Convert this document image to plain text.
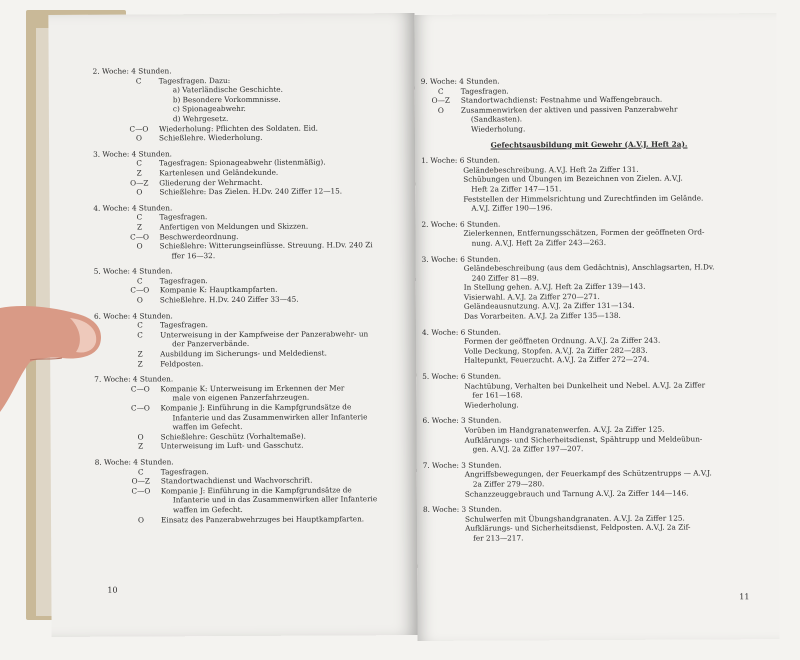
2. Woche: 4 Stunden.
C	Tagesfragen. Dazu:
a) Vaterländische Geschichte.
b) Besondere Vorkommnisse.
c) Spionageabwehr.
d) Wehrgesetz.
C—O	Wiederholung: Pflichten des Soldaten. Eid.
O	Schießlehre. Wiederholung.
3. Woche: 4 Stunden.
C	Tagesfragen: Spionageabwehr (listenmäßig).
Z	Kartenlesen und Geländekunde.
O—Z	Gliederung der Wehrmacht.
O	Schießlehre: Das Zielen. H.Dv. 240 Ziffer 12—15.
4. Woche: 4 Stunden.
C	Tagesfragen.
Z	Anfertigen von Meldungen und Skizzen.
C—O	Beschwerdeordnung.
O	Schießlehre: Witterungseinflüsse. Streuung. H.Dv. 240 Zi
ffer 16—32.
5. Woche: 4 Stunden.
C	Tagesfragen.
C—O	Kompanie K: Hauptkampfarten.
O	Schießlehre. H.Dv. 240 Ziffer 33—45.
6. Woche: 4 Stunden.
C	Tagesfragen.
C	Unterweisung in der Kampfweise der Panzerabwehr- un
der Panzerverbände.
Z	Ausbildung im Sicherungs- und Meldedienst.
Z	Feldposten.
7. Woche: 4 Stunden.
C—O	Kompanie K: Unterweisung im Erkennen der Mer
male von eigenen Panzerfahrzeugen.
C—O	Kompanie J: Einführung in die Kampfgrundsätze de
Infanterie und das Zusammenwirken aller Infanterie
waffen im Gefecht.
O	Schießlehre: Geschütz (Vorhaltemaße).
Z	Unterweisung im Luft- und Gasschutz.
8. Woche: 4 Stunden.
C	Tagesfragen.
O—Z	Standortwachdienst und Wachvorschrift.
C—O	Kompanie J: Einführung in die Kampfgrundsätze de
Infanterie und in das Zusammenwirken aller Infanterie
waffen im Gefecht.
O	Einsatz des Panzerabwehrzuges bei Hauptkampfarten.
10
9. Woche: 4 Stunden.
C	Tagesfragen.
O—Z	Standortwachdienst: Festnahme und Waffengebrauch.
O	Zusammenwirken der aktiven und passiven Panzerabwehr
(Sandkasten).
Wiederholung.
Gefechtsausbildung mit Gewehr (A.V.J. Heft 2a).
1. Woche: 6 Stunden.
Geländebeschreibung. A.V.J. Heft 2a Ziffer 131.
Schübungen und Übungen im Bezeichnen von Zielen. A.V.J.
Heft 2a Ziffer 147—151.
Feststellen der Himmelsrichtung und Zurechtfinden im Gelände.
A.V.J. Ziffer 190—196.
2. Woche: 6 Stunden.
Zielerkennen, Entfernungsschätzen, Formen der geöffneten Ord-
nung. A.V.J. Heft 2a Ziffer 243—263.
3. Woche: 6 Stunden.
Geländebeschreibung (aus dem Gedächtnis), Anschlagsarten, H.Dv.
240 Ziffer 81—89.
In Stellung gehen. A.V.J. Heft 2a Ziffer 139—143.
Visierwahl. A.V.J. 2a Ziffer 270—271.
Geländeausnutzung. A.V.J. 2a Ziffer 131—134.
Das Vorarbeiten. A.V.J. 2a Ziffer 135—138.
4. Woche: 6 Stunden.
Formen der geöffneten Ordnung. A.V.J. 2a Ziffer 243.
Volle Deckung, Stopfen. A.V.J. 2a Ziffer 282—283.
Haltepunkt, Feuerzucht. A.V.J. 2a Ziffer 272—274.
5. Woche: 6 Stunden.
Nachtübung, Verhalten bei Dunkelheit und Nebel. A.V.J. 2a Ziffer
fer 161—168.
Wiederholung.
6. Woche: 3 Stunden.
Vorüben im Handgranatenwerfen. A.V.J. 2a Ziffer 125.
Aufklärungs- und Sicherheitsdienst, Spähtrupp und Meldeübun-
gen. A.V.J. 2a Ziffer 197—207.
7. Woche: 3 Stunden.
Angriffsbewegungen, der Feuerkampf des Schützentrupps — A.V.J.
2a Ziffer 279—280.
Schanzzeuggebrauch und Tarnung A.V.J. 2a Ziffer 144—146.
8. Woche: 3 Stunden.
Schulwerfen mit Übungshandgranaten. A.V.J. 2a Ziffer 125.
Aufklärungs- und Sicherheitsdienst, Feldposten. A.V.J. 2a Zif-
fer 213—217.
11
